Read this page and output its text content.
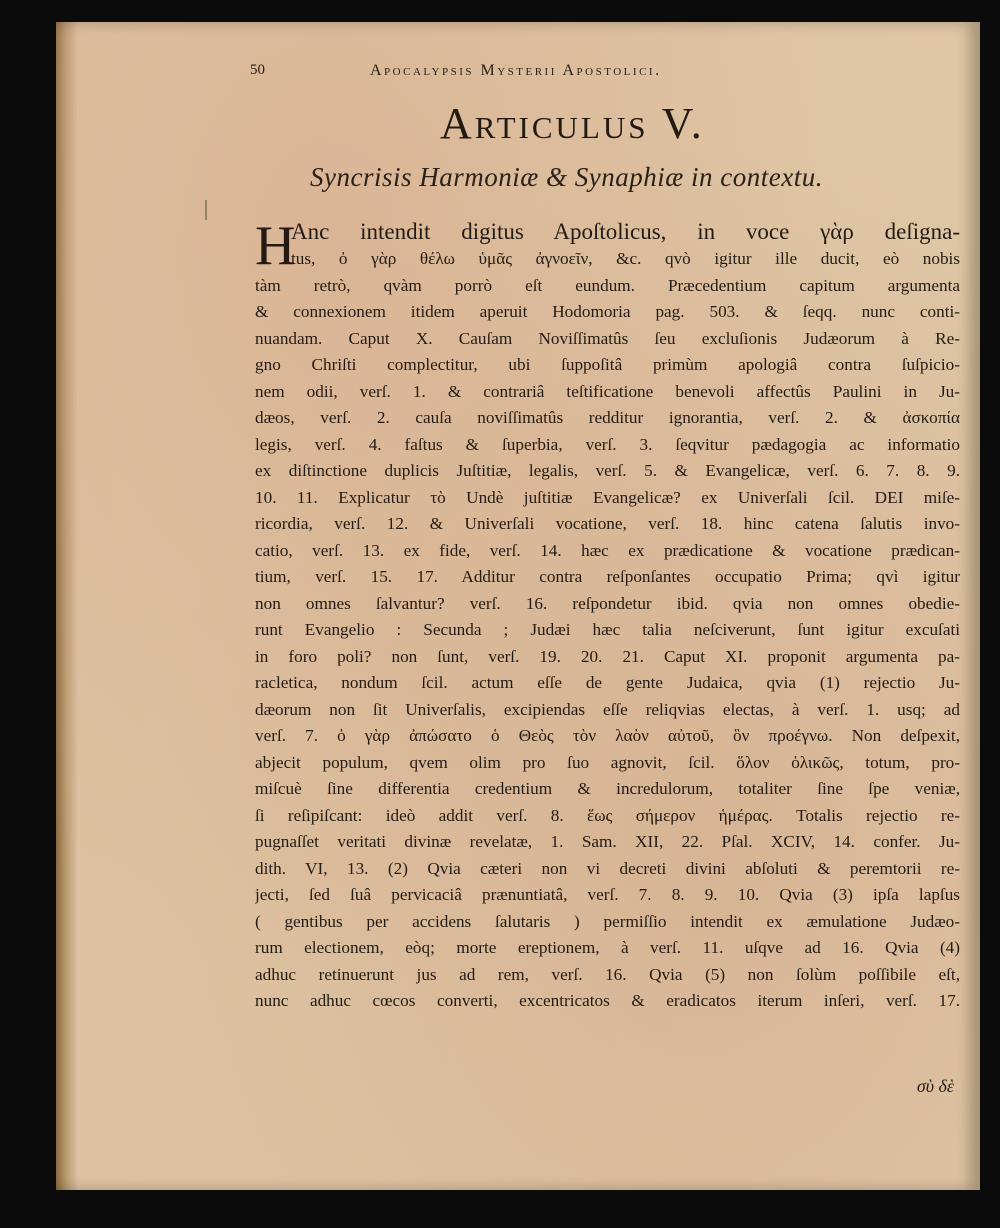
50	Apocalypsis Mysterii Apostolici.
Articulus V.
Syncrisis Harmoniæ & Synaphiæ in contextu.
H
Anc intendit digitus Apoſtolicus, in voce γὰρ deſigna-
tus, ὀ γὰρ θέλω ὑμᾶς ἀγνοεῖν, &c. qvò igitur ille ducit, eò nobis
tàm retrò, qvàm porrò eſt eundum. Præcedentium capitum argumenta
& connexionem itidem aperuit Hodomoria pag. 503. & ſeqq. nunc conti-
nuandam. Caput X. Cauſam Noviſſimatûs ſeu excluſionis Judæorum à Re-
gno Chriſti complectitur, ubi ſuppoſitâ primùm apologiâ contra ſuſpicio-
nem odii, verſ. 1. & contrariâ teſtificatione benevoli affectûs Paulini in Ju-
dæos, verſ. 2. cauſa noviſſimatûs redditur ignorantia, verſ. 2. & ἀσκοπία
legis, verſ. 4. faſtus & ſuperbia, verſ. 3. ſeqvitur pædagogia ac informatio
ex diſtinctione duplicis Juſtitiæ, legalis, verſ. 5. & Evangelicæ, verſ. 6. 7. 8. 9.
10. 11. Explicatur τὸ Undè juſtitiæ Evangelicæ? ex Univerſali ſcil. DEI miſe-
ricordia, verſ. 12. & Univerſali vocatione, verſ. 18. hinc catena ſalutis invo-
catio, verſ. 13. ex fide, verſ. 14. hæc ex prædicatione & vocatione prædican-
tium, verſ. 15. 17. Additur contra reſponſantes occupatio Prima; qvì igitur
non omnes ſalvantur? verſ. 16. reſpondetur ibid. qvia non omnes obedie-
runt Evangelio : Secunda ; Judæi hæc talia neſciverunt, ſunt igitur excuſati
in foro poli? non ſunt, verſ. 19. 20. 21. Caput XI. proponit argumenta pa-
racletica, nondum ſcil. actum eſſe de gente Judaica, qvia (1) rejectio Ju-
dæorum non ſit Univerſalis, excipiendas eſſe reliqvias electas, à verſ. 1. usq; ad
verſ. 7. ὀ γὰρ ἀπώσατο ὁ Θεὸς τὸν λαὸν αὐτοῦ, ὃν προέγνω. Non deſpexit,
abjecit populum, qvem olim pro ſuo agnovit, ſcil. ὅλον ὁλικῶς, totum, pro-
miſcuè ſine differentia credentium & incredulorum, totaliter ſine ſpe veniæ,
ſi reſipiſcant: ideò addit verſ. 8. ἕως σήμερον ἡμέρας. Totalis rejectio re-
pugnaſſet veritati divinæ revelatæ, 1. Sam. XII, 22. Pſal. XCIV, 14. confer. Ju-
dith. VI, 13. (2) Qvia cæteri non vi decreti divini abſoluti & peremtorii re-
jecti, ſed ſuâ pervicaciâ prænuntiatâ, verſ. 7. 8. 9. 10. Qvia (3) ipſa lapſus
( gentibus per accidens ſalutaris ) permiſſio intendit ex æmulatione Judæo-
rum electionem, eòq; morte ereptionem, à verſ. 11. uſqve ad 16. Qvia (4)
adhuc retinuerunt jus ad rem, verſ. 16. Qvia (5) non ſolùm poſſibile eſt,
nunc adhuc cœcos converti, excentricatos & eradicatos iterum inſeri, verſ. 17.
σὺ δὲ
